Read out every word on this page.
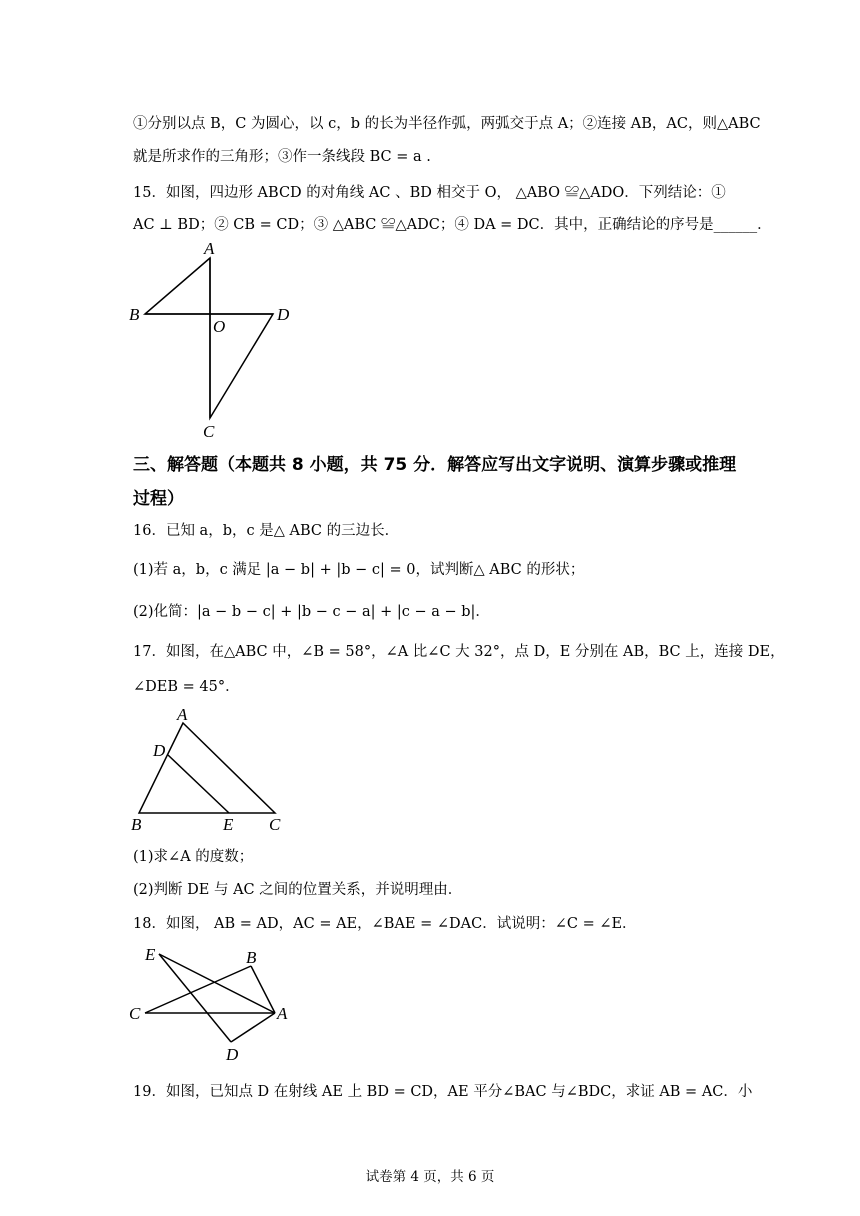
①分别以点 B，C 为圆心，以 c，b 的长为半径作弧，两弧交于点 A；②连接 AB，AC，则△ABC
就是所求作的三角形；③作一条线段 BC = a .
15．如图，四边形 ABCD 的对角线 AC 、BD 相交于 O， △ABO ≌△ADO．下列结论：①
AC ⊥ BD；② CB = CD；③ △ABC ≌△ADC；④ DA = DC．其中，正确结论的序号是______．
A
B	D
O
C
三、解答题（本题共 8 小题，共 75 分．解答应写出文字说明、演算步骤或推理
过程）
16．已知 a，b，c 是△ ABC 的三边长．
(1)若 a，b，c 满足 |a − b| + |b − c| = 0，试判断△ ABC 的形状；
(2)化简：|a − b − c| + |b − c − a| + |c − a − b|．
17．如图，在△ABC 中，∠B = 58°，∠A 比∠C 大 32°，点 D，E 分别在 AB，BC 上，连接 DE，
∠DEB = 45°．
A
D
B	E C
(1)求∠A 的度数；
(2)判断 DE 与 AC 之间的位置关系，并说明理由．
18．如图， AB = AD，AC = AE，∠BAE = ∠DAC．试说明：∠C = ∠E．
E	B
C	A
D
19．如图，已知点 D 在射线 AE 上 BD = CD，AE 平分∠BAC 与∠BDC，求证 AB = AC．小
试卷第 4 页，共 6 页
